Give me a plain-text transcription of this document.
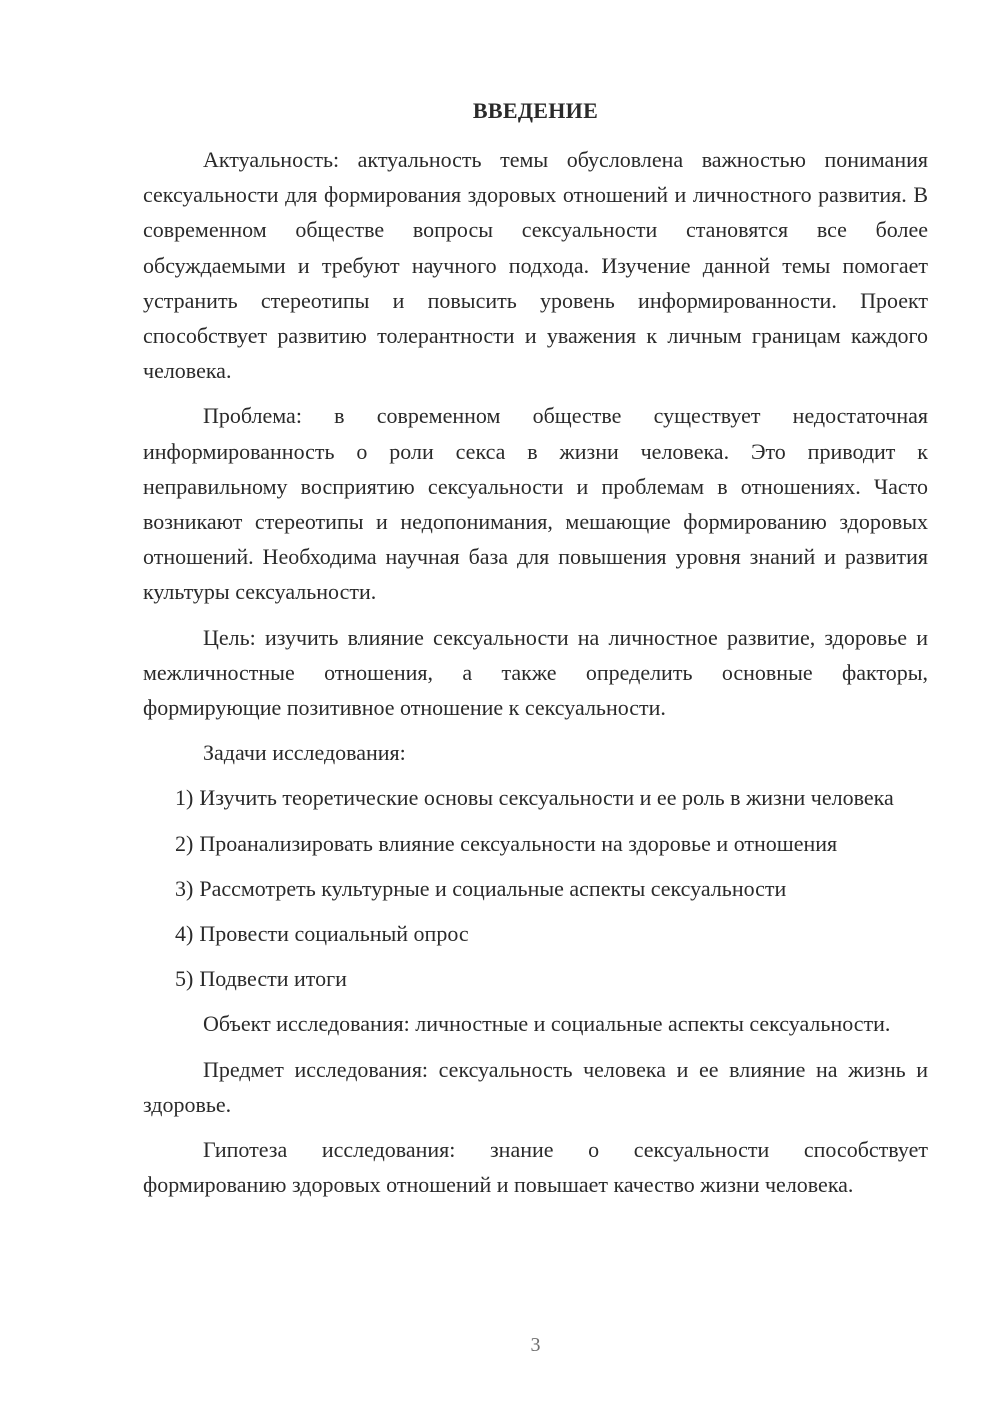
ВВЕДЕНИЕ

Актуальность: актуальность темы обусловлена важностью понимания сексуальности для формирования здоровых отношений и личностного развития. В современном обществе вопросы сексуальности становятся все более обсуждаемыми и требуют научного подхода. Изучение данной темы помогает устранить стереотипы и повысить уровень информированности. Проект способствует развитию толерантности и уважения к личным границам каждого человека.

Проблема: в современном обществе существует недостаточная информированность о роли секса в жизни человека. Это приводит к неправильному восприятию сексуальности и проблемам в отношениях. Часто возникают стереотипы и недопонимания, мешающие формированию здоровых отношений. Необходима научная база для повышения уровня знаний и развития культуры сексуальности.

Цель: изучить влияние сексуальности на личностное развитие, здоровье и межличностные отношения, а также определить основные факторы, формирующие позитивное отношение к сексуальности.

Задачи исследования:

1) Изучить теоретические основы сексуальности и ее роль в жизни человека

2) Проанализировать влияние сексуальности на здоровье и отношения

3) Рассмотреть культурные и социальные аспекты сексуальности

4) Провести социальный опрос

5) Подвести итоги

Объект исследования: личностные и социальные аспекты сексуальности.

Предмет исследования: сексуальность человека и ее влияние на жизнь и здоровье.

Гипотеза исследования: знание о сексуальности способствует формированию здоровых отношений и повышает качество жизни человека.

3
